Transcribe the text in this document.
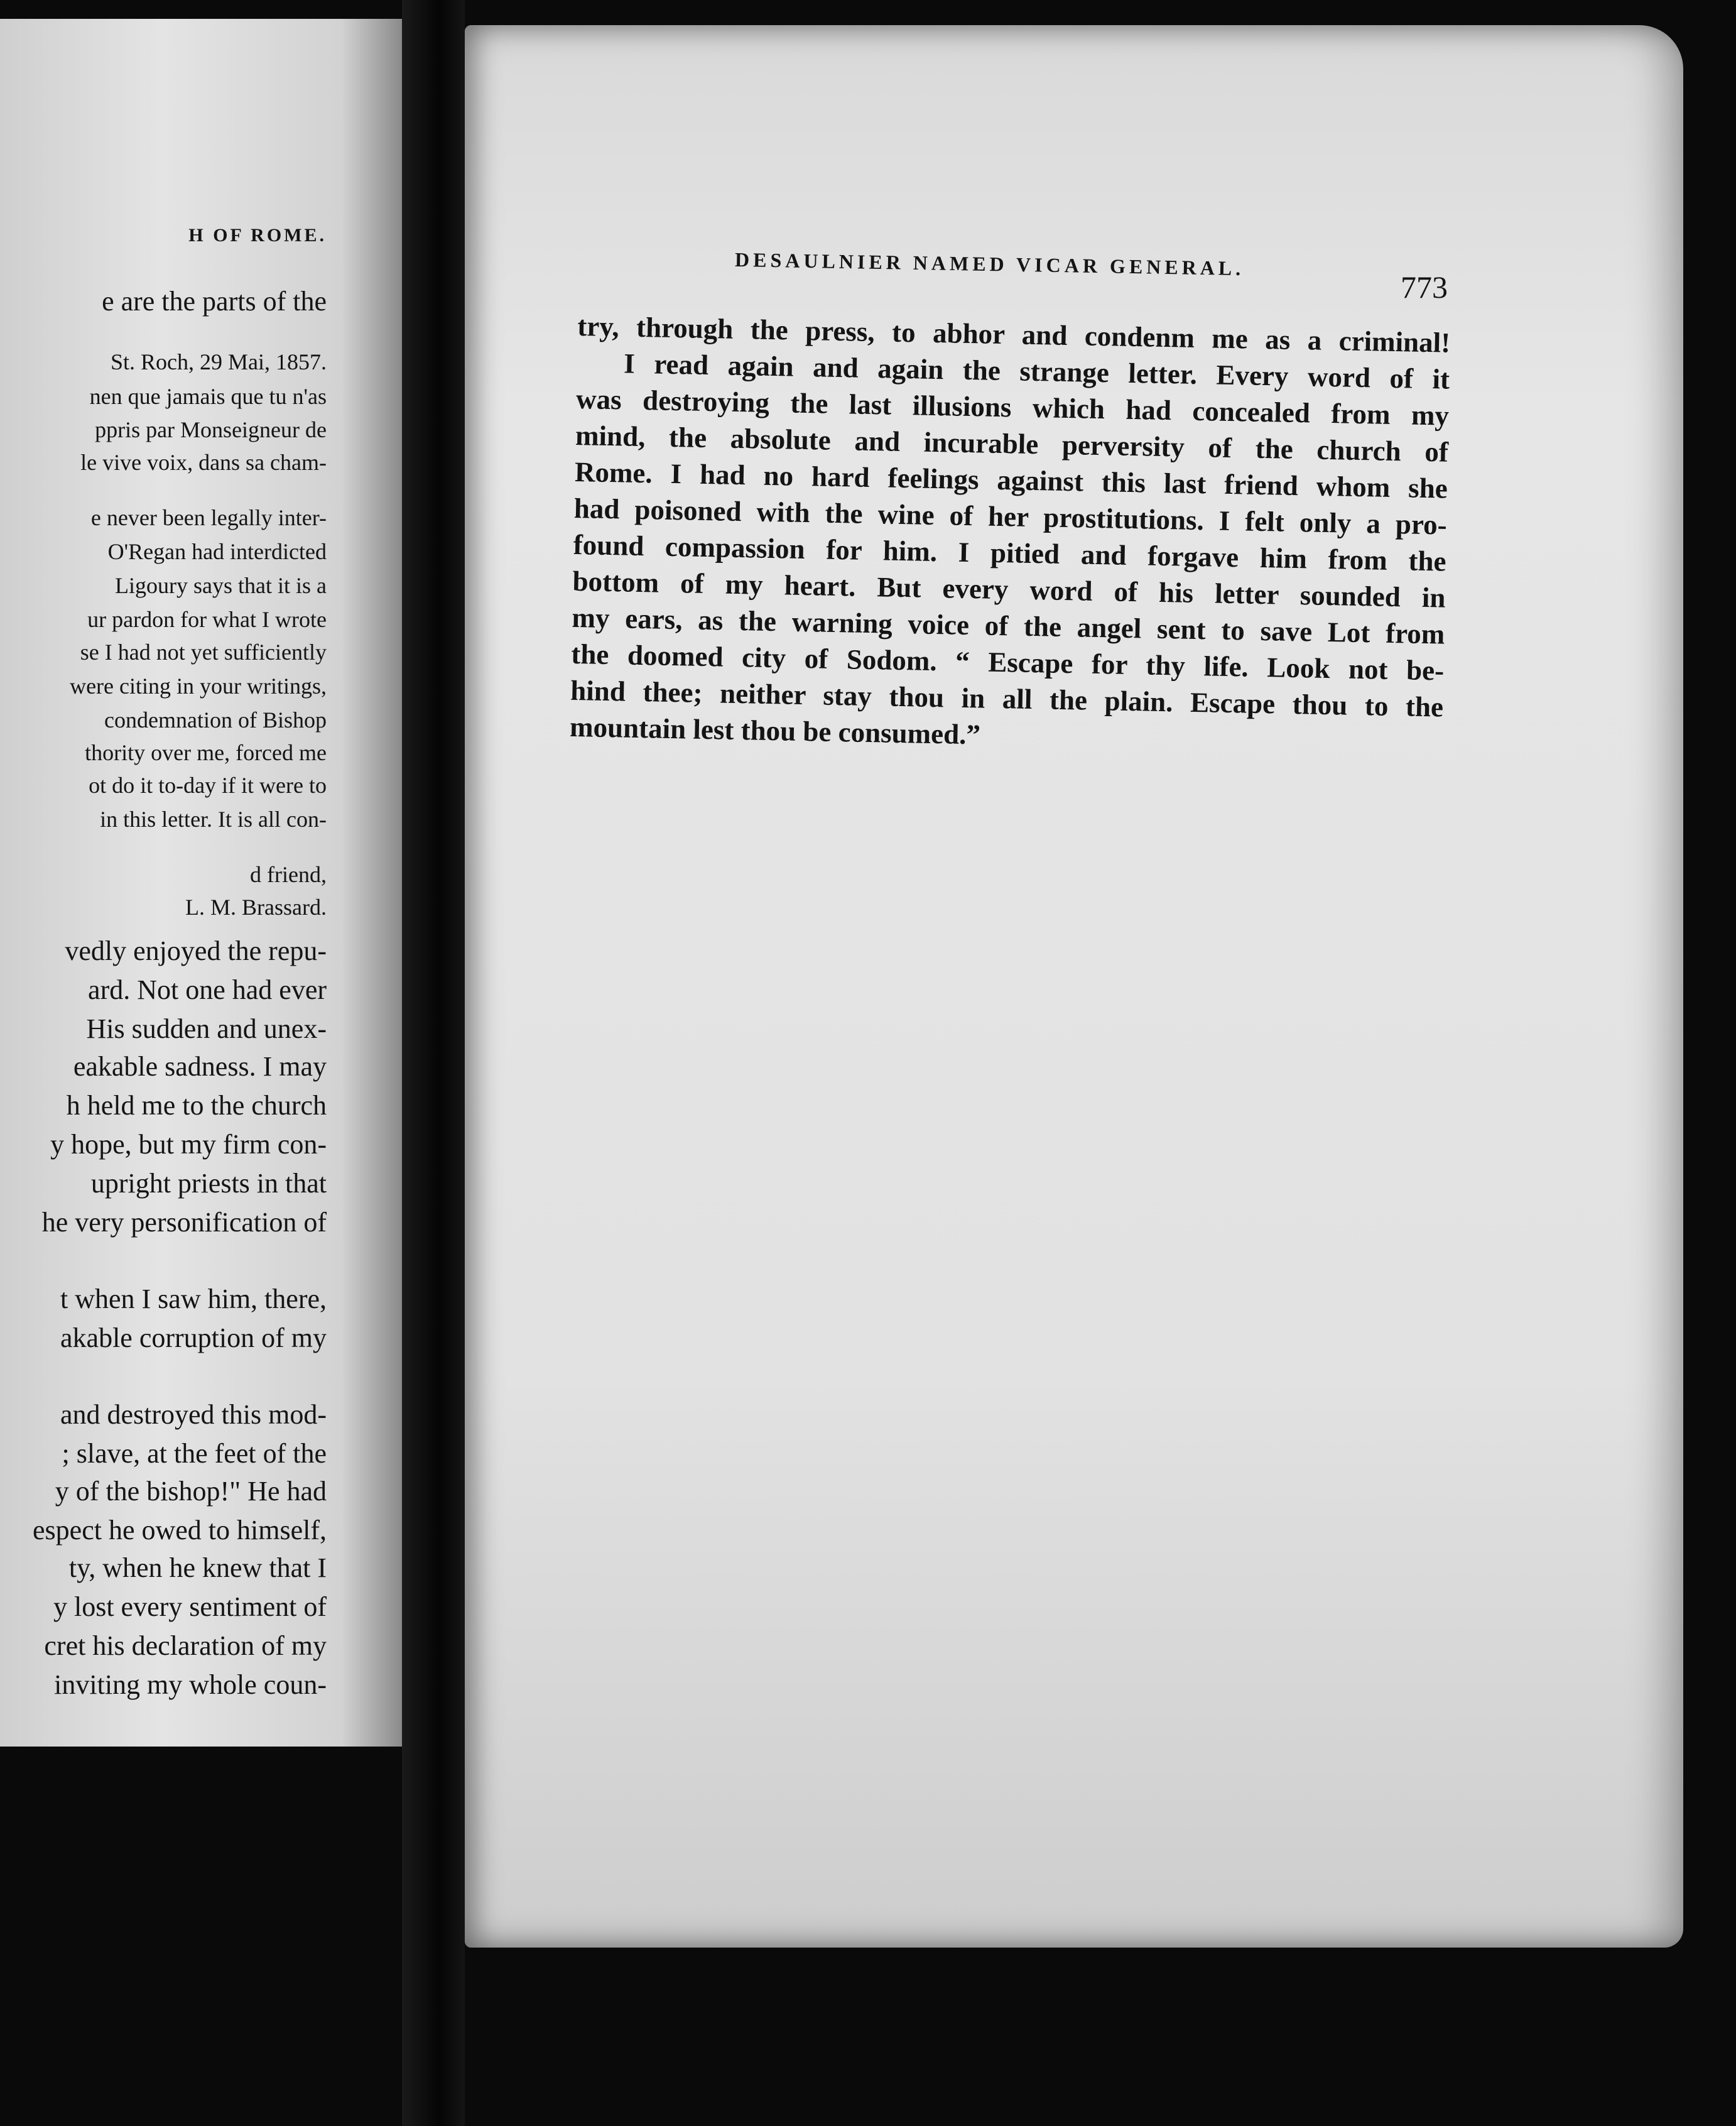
H OF ROME.
e are the parts of the
St. Roch, 29 Mai, 1857.
nen que jamais que tu n'as
ppris par Monseigneur de
le vive voix, dans sa cham-
e never been legally inter-
O'Regan had interdicted
Ligoury says that it is a
ur pardon for what I wrote
se I had not yet sufficiently
were citing in your writings,
condemnation of Bishop
thority over me, forced me
ot do it to-day if it were to
in this letter. It is all con-
d friend,
L. M. Brassard.
vedly enjoyed the repu-
ard. Not one had ever
His sudden and unex-
eakable sadness. I may
h held me to the church
y hope, but my firm con-
upright priests in that
he very personification of
t when I saw him, there,
akable corruption of my
and destroyed this mod-
; slave, at the feet of the
y of the bishop!" He had
espect he owed to himself,
ty, when he knew that I
y lost every sentiment of
cret his declaration of my
inviting my whole coun-
DESAULNIER NAMED VICAR GENERAL.
773
try, through the press, to abhor and condenm me as a criminal!
I read again and again the strange letter. Every word of it
was destroying the last illusions which had concealed from my
mind, the absolute and incurable perversity of the church of
Rome. I had no hard feelings against this last friend whom she
had poisoned with the wine of her prostitutions. I felt only a pro-
found compassion for him. I pitied and forgave him from the
bottom of my heart. But every word of his letter sounded in
my ears, as the warning voice of the angel sent to save Lot from
the doomed city of Sodom. “ Escape for thy life. Look not be-
hind thee; neither stay thou in all the plain. Escape thou to the
mountain lest thou be consumed.”
